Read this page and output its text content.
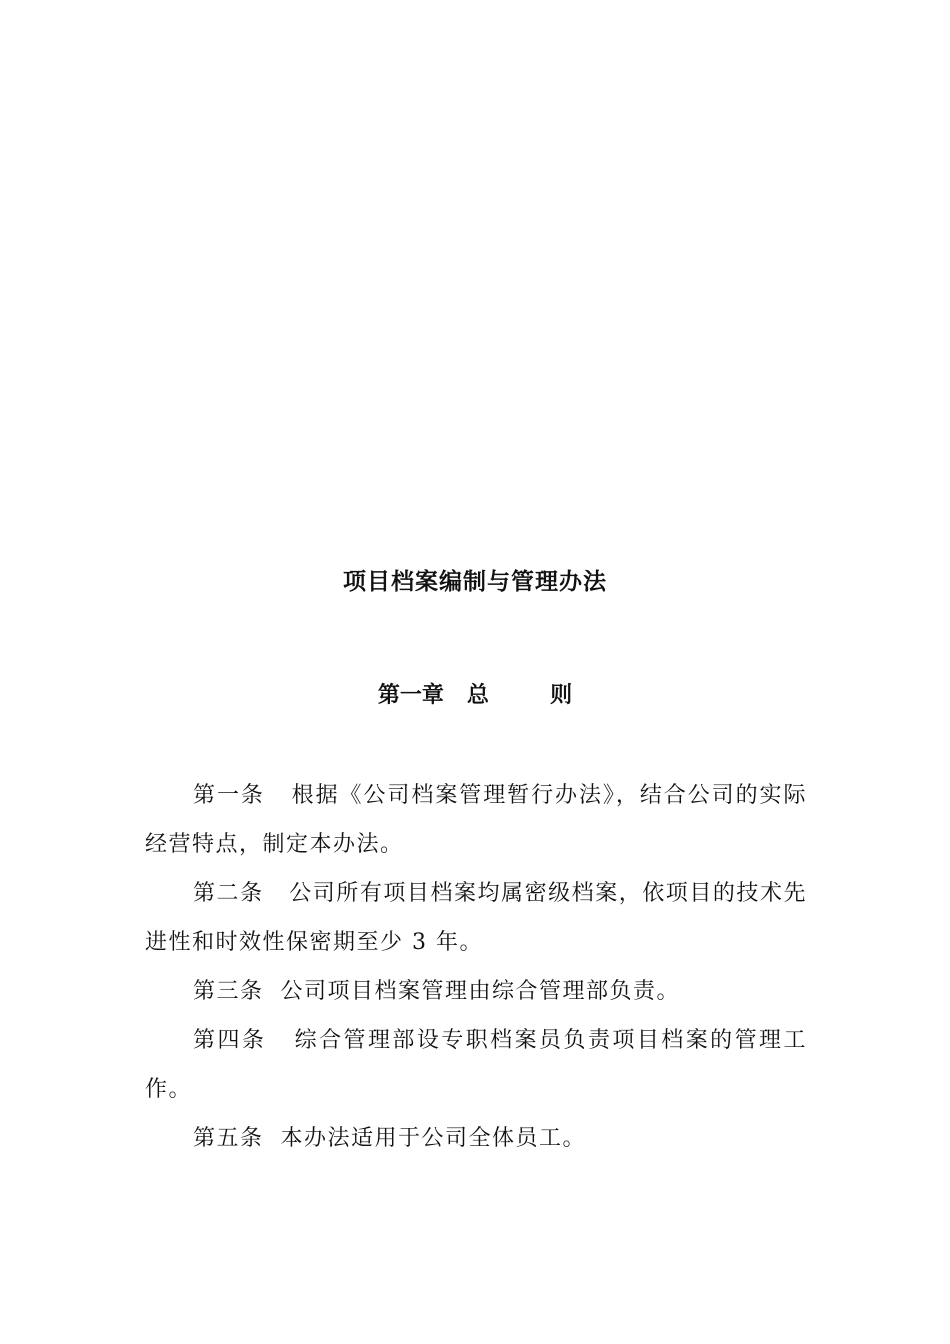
项目档案编制与管理办法
第一章 总	则

第一条 根据《公司档案管理暂行办法》，结合公司的实际经营特点，制定本办法。

第二条 公司所有项目档案均属密级档案，依项目的技术先进性和时效性保密期至少 3 年。

第三条 公司项目档案管理由综合管理部负责。

第四条 综合管理部设专职档案员负责项目档案的管理工作。

第五条 本办法适用于公司全体员工。
